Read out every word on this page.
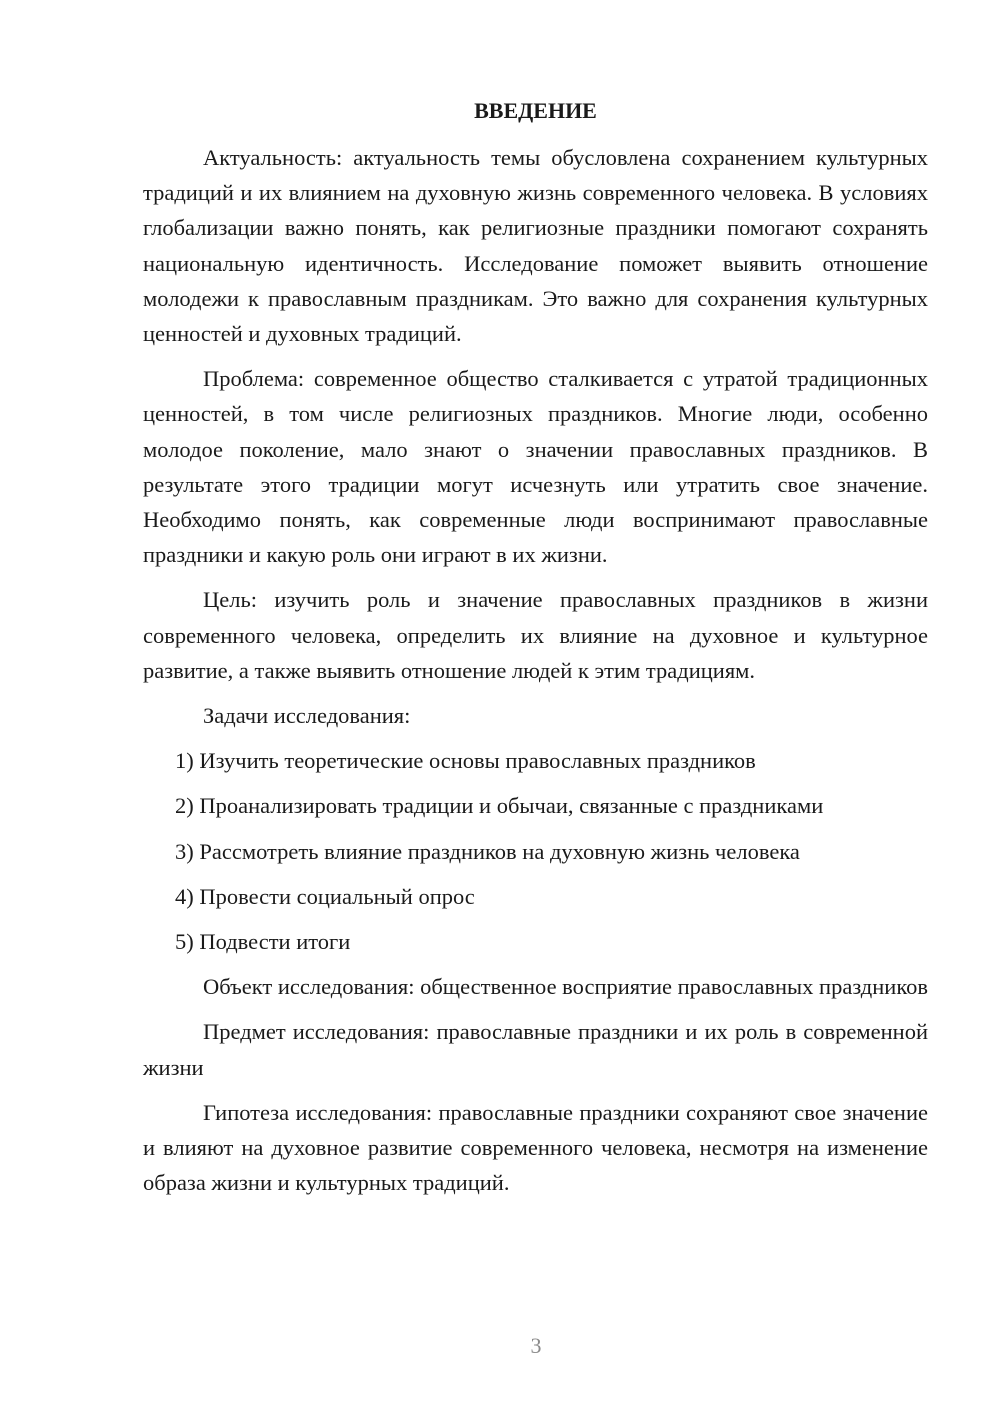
ВВЕДЕНИЕ

Актуальность: актуальность темы обусловлена сохранением культурных традиций и их влиянием на духовную жизнь современного человека. В условиях глобализации важно понять, как религиозные праздники помогают сохранять национальную идентичность. Исследование поможет выявить отношение молодежи к православным праздникам. Это важно для сохранения культурных ценностей и духовных традиций.

Проблема: современное общество сталкивается с утратой традиционных ценностей, в том числе религиозных праздников. Многие люди, особенно молодое поколение, мало знают о значении православных праздников. В результате этого традиции могут исчезнуть или утратить свое значение. Необходимо понять, как современные люди воспринимают православные праздники и какую роль они играют в их жизни.

Цель: изучить роль и значение православных праздников в жизни современного человека, определить их влияние на духовное и культурное развитие, а также выявить отношение людей к этим традициям.

Задачи исследования:

1) Изучить теоретические основы православных праздников
2) Проанализировать традиции и обычаи, связанные с праздниками
3) Рассмотреть влияние праздников на духовную жизнь человека
4) Провести социальный опрос
5) Подвести итоги

Объект исследования: общественное восприятие православных праздников

Предмет исследования: православные праздники и их роль в современной жизни

Гипотеза исследования: православные праздники сохраняют свое значение и влияют на духовное развитие современного человека, несмотря на изменение образа жизни и культурных традиций.

3
